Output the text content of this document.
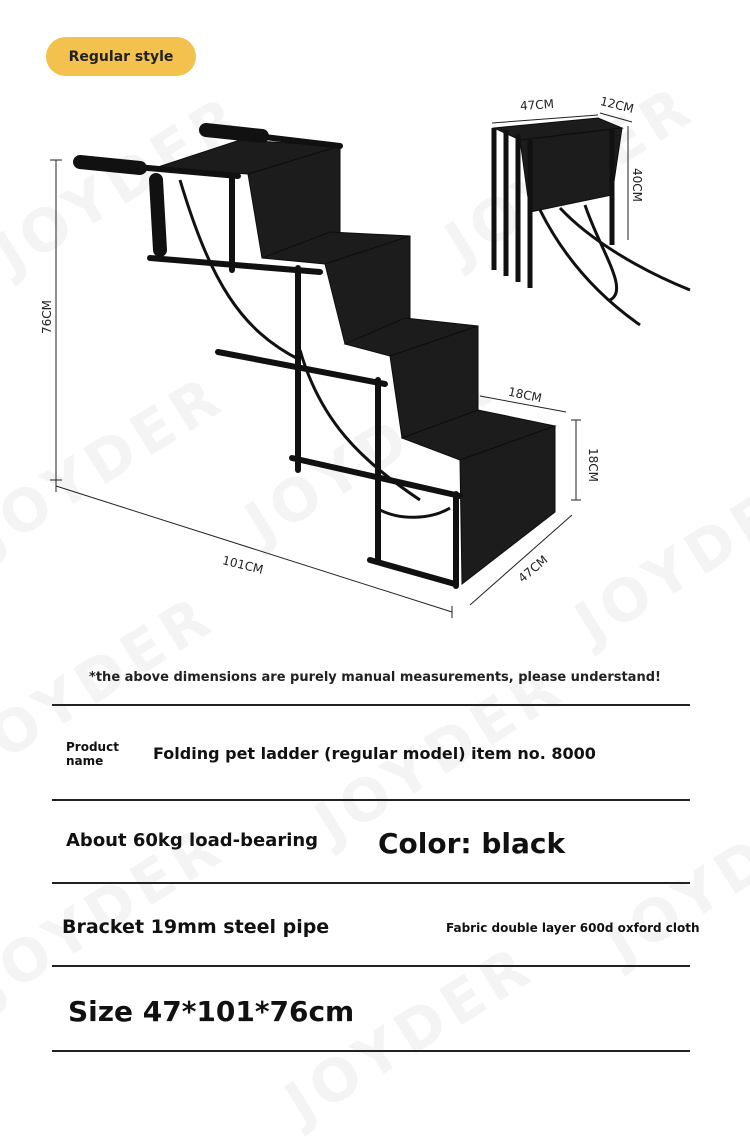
Regular style
76CM
101CM	47CM
18CM
18CM
47CM	12CM
40CM
*the above dimensions are purely manual measurements, please understand!
Product name	Folding pet ladder (regular model) item no. 8000
About 60kg load-bearing Color: black
Bracket 19mm steel pipe	Fabric double layer 600d oxford cloth
Size 47*101*76cm
